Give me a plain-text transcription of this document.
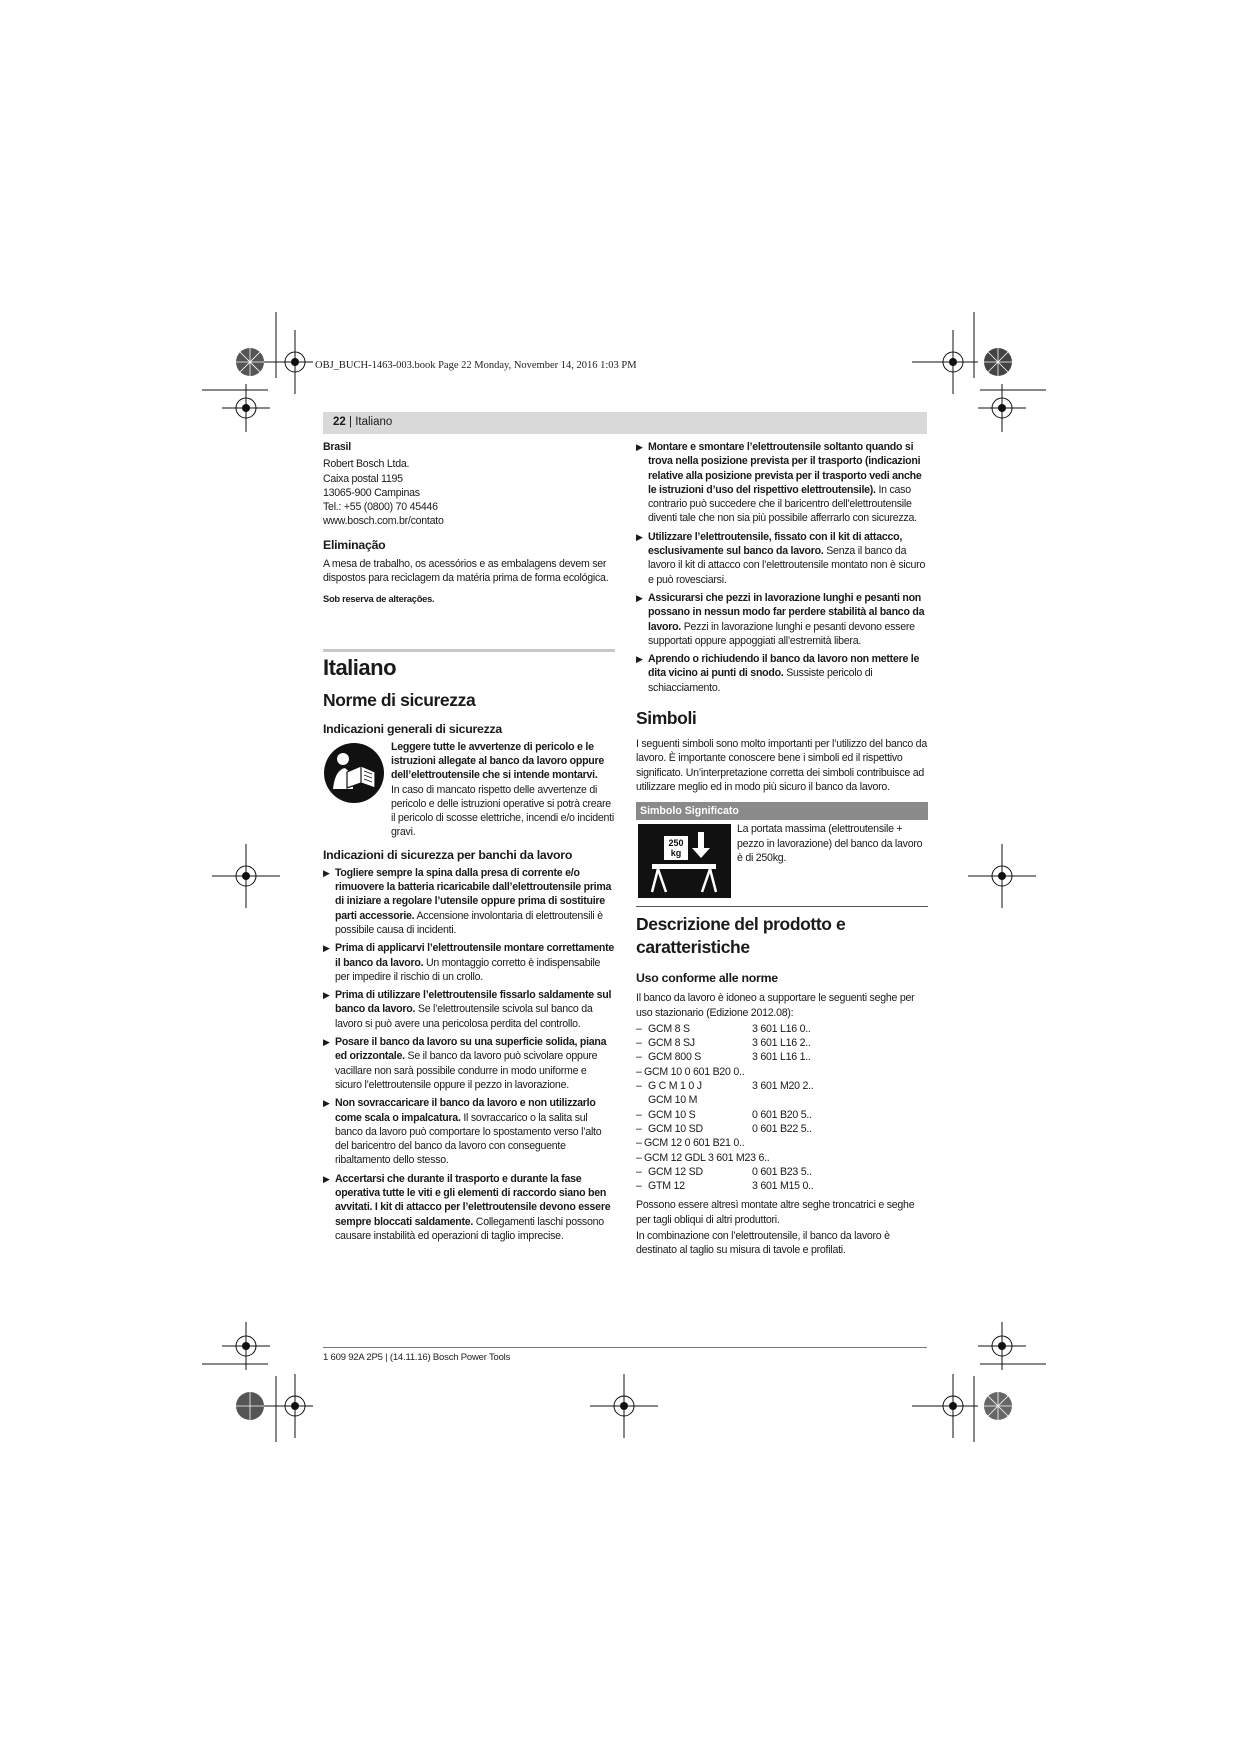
OBJ_BUCH-1463-003.book Page 22 Monday, November 14, 2016 1:03 PM
22 | Italiano

Brasil

Robert Bosch Ltda.

Caixa postal 1195

13065-900 Campinas

Tel.: +55 (0800) 70 45446

www.bosch.com.br/contato

Eliminação

A mesa de trabalho, os acessórios e as embalagens devem ser dispostos para reciclagem da matéria prima de forma ecológica.

Sob reserva de alterações.

Italiano

Norme di sicurezza

Indicazioni generali di sicurezza

Leggere tutte le avvertenze di pericolo e le istruzioni allegate al banco da lavoro oppure dell’elettroutensile che si intende montarvi.

In caso di mancato rispetto delle avvertenze di pericolo e delle istruzioni operative si potrà creare il pericolo di scosse elettriche, incendi e/o incidenti gravi.

Indicazioni di sicurezza per banchi da lavoro

▶ Togliere sempre la spina dalla presa di corrente e/o rimuovere la batteria ricaricabile dall’elettroutensile prima di iniziare a regolare l’utensile oppure prima di sostituire parti accessorie. Accensione involontaria di elettroutensili è possibile causa di incidenti.

▶ Prima di applicarvi l’elettroutensile montare correttamente il banco da lavoro. Un montaggio corretto è indispensabile per impedire il rischio di un crollo.

▶ Prima di utilizzare l’elettroutensile fissarlo saldamente sul banco da lavoro. Se l’elettroutensile scivola sul banco da lavoro si può avere una pericolosa perdita del controllo.

▶ Posare il banco da lavoro su una superficie solida, piana ed orizzontale. Se il banco da lavoro può scivolare oppure vacillare non sarà possibile condurre in modo uniforme e sicuro l’elettroutensile oppure il pezzo in lavorazione.

▶ Non sovraccaricare il banco da lavoro e non utilizzarlo come scala o impalcatura. Il sovraccarico o la salita sul banco da lavoro può comportare lo spostamento verso l’alto del baricentro del banco da lavoro con conseguente ribaltamento dello stesso.

▶ Accertarsi che durante il trasporto e durante la fase operativa tutte le viti e gli elementi di raccordo siano ben avvitati. I kit di attacco per l’elettroutensile devono essere sempre bloccati saldamente. Collegamenti laschi possono causare instabilità ed operazioni di taglio imprecise.

▶ Montare e smontare l’elettroutensile soltanto quando si trova nella posizione prevista per il trasporto (indicazioni relative alla posizione prevista per il trasporto vedi anche le istruzioni d’uso del rispettivo elettroutensile). In caso contrario può succedere che il baricentro dell’elettroutensile diventi tale che non sia più possibile afferrarlo con sicurezza.

▶ Utilizzare l’elettroutensile, fissato con il kit di attacco, esclusivamente sul banco da lavoro. Senza il banco da lavoro il kit di attacco con l’elettroutensile montato non è sicuro e può rovesciarsi.

▶ Assicurarsi che pezzi in lavorazione lunghi e pesanti non possano in nessun modo far perdere stabilità al banco da lavoro. Pezzi in lavorazione lunghi e pesanti devono essere supportati oppure appoggiati all’estremità libera.

▶ Aprendo o richiudendo il banco da lavoro non mettere le dita vicino ai punti di snodo. Sussiste pericolo di schiacciamento.

Simboli

I seguenti simboli sono molto importanti per l’utilizzo del banco da lavoro. È importante conoscere bene i simboli ed il rispettivo significato. Un’interpretazione corretta dei simboli contribuisce ad utilizzare meglio ed in modo più sicuro il banco da lavoro.

Simbolo Significato
250
kg

La portata massima (elettroutensile + pezzo in lavorazione) del banco da lavoro è di 250kg.

Descrizione del prodotto e caratteristiche

Uso conforme alle norme

Il banco da lavoro è idoneo a supportare le seguenti seghe per uso stazionario (Edizione 2012.08):

– GCM 8 S	3 601 L16 0..
– GCM 8 SJ	3 601 L16 2..
– GCM 800 S	3 601 L16 1..
– GCM 10 0 601 B20 0..
– G C M 1 0 J	3 601 M20 2..
GCM 10 M
– GCM 10 S	0 601 B20 5..
– GCM 10 SD	0 601 B22 5..
– GCM 12 0 601 B21 0..
– GCM 12 GDL 3 601 M23 6..
– GCM 12 SD	0 601 B23 5..
– GTM 12	3 601 M15 0..

Possono essere altresì montate altre seghe troncatrici e seghe per tagli obliqui di altri produttori.

In combinazione con l’elettroutensile, il banco da lavoro è destinato al taglio su misura di tavole e profilati.

1 609 92A 2P5 | (14.11.16) Bosch Power Tools
